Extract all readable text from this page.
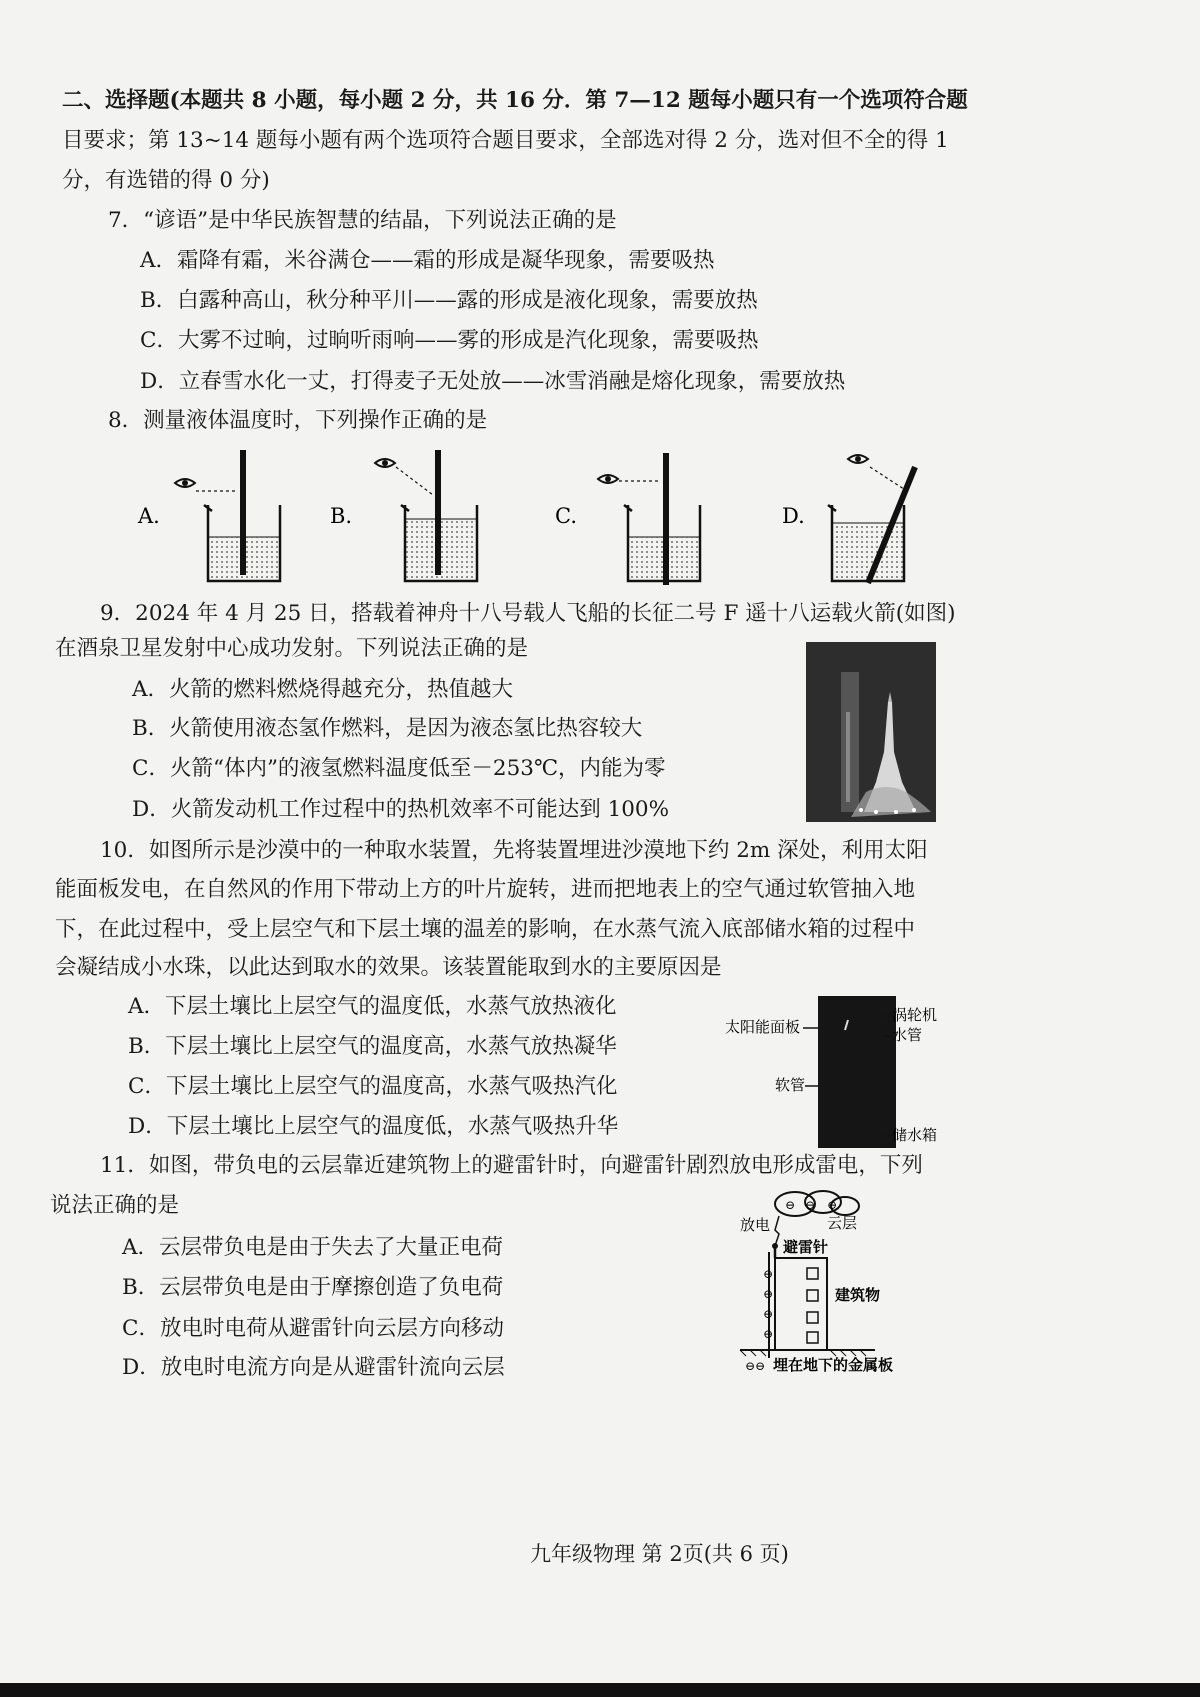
二、选择题(本题共 8 小题，每小题 2 分，共 16 分．第 7—12 题每小题只有一个选项符合题
目要求；第 13~14 题每小题有两个选项符合题目要求，全部选对得 2 分，选对但不全的得 1
分，有选错的得 0 分)
7．“谚语”是中华民族智慧的结晶，下列说法正确的是
A．霜降有霜，米谷满仓——霜的形成是凝华现象，需要吸热
B．白露种高山，秋分种平川——露的形成是液化现象，需要放热
C．大雾不过晌，过晌听雨响——雾的形成是汽化现象，需要吸热
D．立春雪水化一丈，打得麦子无处放——冰雪消融是熔化现象，需要放热
8．测量液体温度时，下列操作正确的是
A.	B.	C.	D.
9．2024 年 4 月 25 日，搭载着神舟十八号载人飞船的长征二号 F 遥十八运载火箭(如图)
在酒泉卫星发射中心成功发射。下列说法正确的是
A．火箭的燃料燃烧得越充分，热值越大
B．火箭使用液态氢作燃料，是因为液态氢比热容较大
C．火箭“体内”的液氢燃料温度低至－253℃，内能为零
D．火箭发动机工作过程中的热机效率不可能达到 100%
10．如图所示是沙漠中的一种取水装置，先将装置埋进沙漠地下约 2m 深处，利用太阳
能面板发电，在自然风的作用下带动上方的叶片旋转，进而把地表上的空气通过软管抽入地
下，在此过程中，受上层空气和下层土壤的温差的影响，在水蒸气流入底部储水箱的过程中
会凝结成小水珠，以此达到取水的效果。该装置能取到水的主要原因是
A．下层土壤比上层空气的温度低，水蒸气放热液化
B．下层土壤比上层空气的温度高，水蒸气放热凝华
C．下层土壤比上层空气的温度高，水蒸气吸热汽化
D．下层土壤比上层空气的温度低，水蒸气吸热升华
太阳能面板
涡轮机
水管
软管
储水箱
11．如图，带负电的云层靠近建筑物上的避雷针时，向避雷针剧烈放电形成雷电，下列
说法正确的是
A．云层带负电是由于失去了大量正电荷
B．云层带负电是由于摩擦创造了负电荷
C．放电时电荷从避雷针向云层方向移动
D．放电时电流方向是从避雷针流向云层
⊖ ⊖ ⊖
放电	云层
避雷针
⊖
⊖
⊖
⊖
建筑物
⊖⊖ 埋在地下的金属板
九年级物理 第 2页(共 6 页)
